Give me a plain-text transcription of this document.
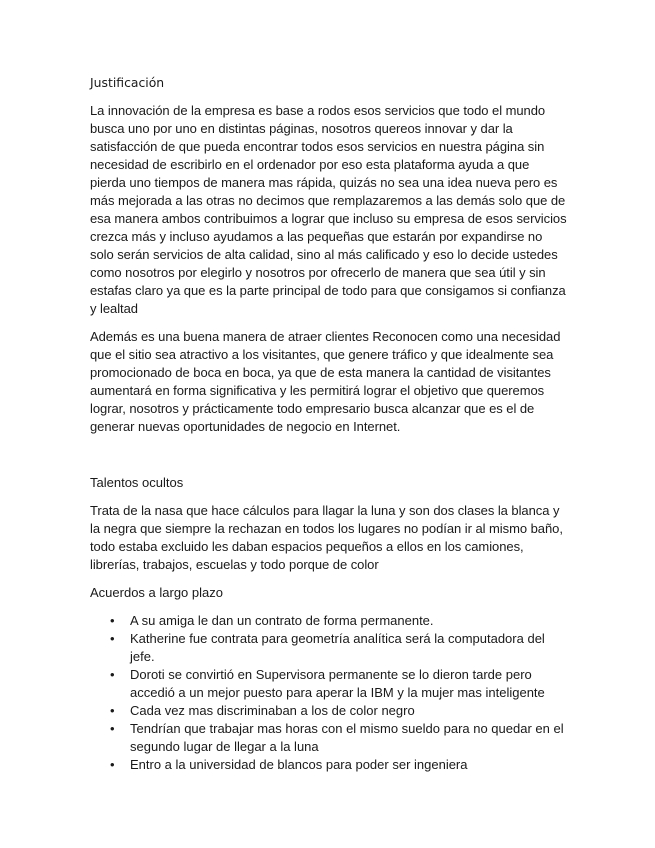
Justificación

La innovación de la empresa es base a rodos esos servicios que todo el mundo busca uno por uno en distintas páginas, nosotros quereos innovar y dar la satisfacción de que pueda encontrar todos esos servicios en nuestra página sin necesidad de escribirlo en el ordenador por eso esta plataforma ayuda a que pierda uno tiempos de manera mas rápida, quizás no sea una idea nueva pero es más mejorada a las otras no decimos que remplazaremos a las demás solo que de esa manera ambos contribuimos a lograr que incluso su empresa de esos servicios crezca más y incluso ayudamos a las pequeñas que estarán por expandirse no solo serán servicios de alta calidad, sino al más calificado y eso lo decide ustedes como nosotros por elegirlo y nosotros por ofrecerlo de manera que sea útil y sin estafas claro ya que es la parte principal de todo para que consigamos si confianza y lealtad

Además es una buena manera de atraer clientes Reconocen como una necesidad que el sitio sea atractivo a los visitantes, que genere tráfico y que idealmente sea promocionado de boca en boca, ya que de esta manera la cantidad de visitantes aumentará en forma significativa y les permitirá lograr el objetivo que queremos lograr, nosotros y prácticamente todo empresario busca alcanzar que es el de generar nuevas oportunidades de negocio en Internet.

Talentos ocultos

Trata de la nasa que hace cálculos para llagar la luna y son dos clases la blanca y la negra que siempre la rechazan en todos los lugares no podían ir al mismo baño, todo estaba excluido les daban espacios pequeños a ellos en los camiones, librerías, trabajos, escuelas y todo porque de color

Acuerdos a largo plazo
• A su amiga le dan un contrato de forma permanente.
• Katherine fue contrata para geometría analítica será la computadora del jefe.
• Doroti se convirtió en Supervisora permanente se lo dieron tarde pero accedió a un mejor puesto para aperar la IBM y la mujer mas inteligente
• Cada vez mas discriminaban a los de color negro
• Tendrían que trabajar mas horas con el mismo sueldo para no quedar en el segundo lugar de llegar a la luna
• Entro a la universidad de blancos para poder ser ingeniera
